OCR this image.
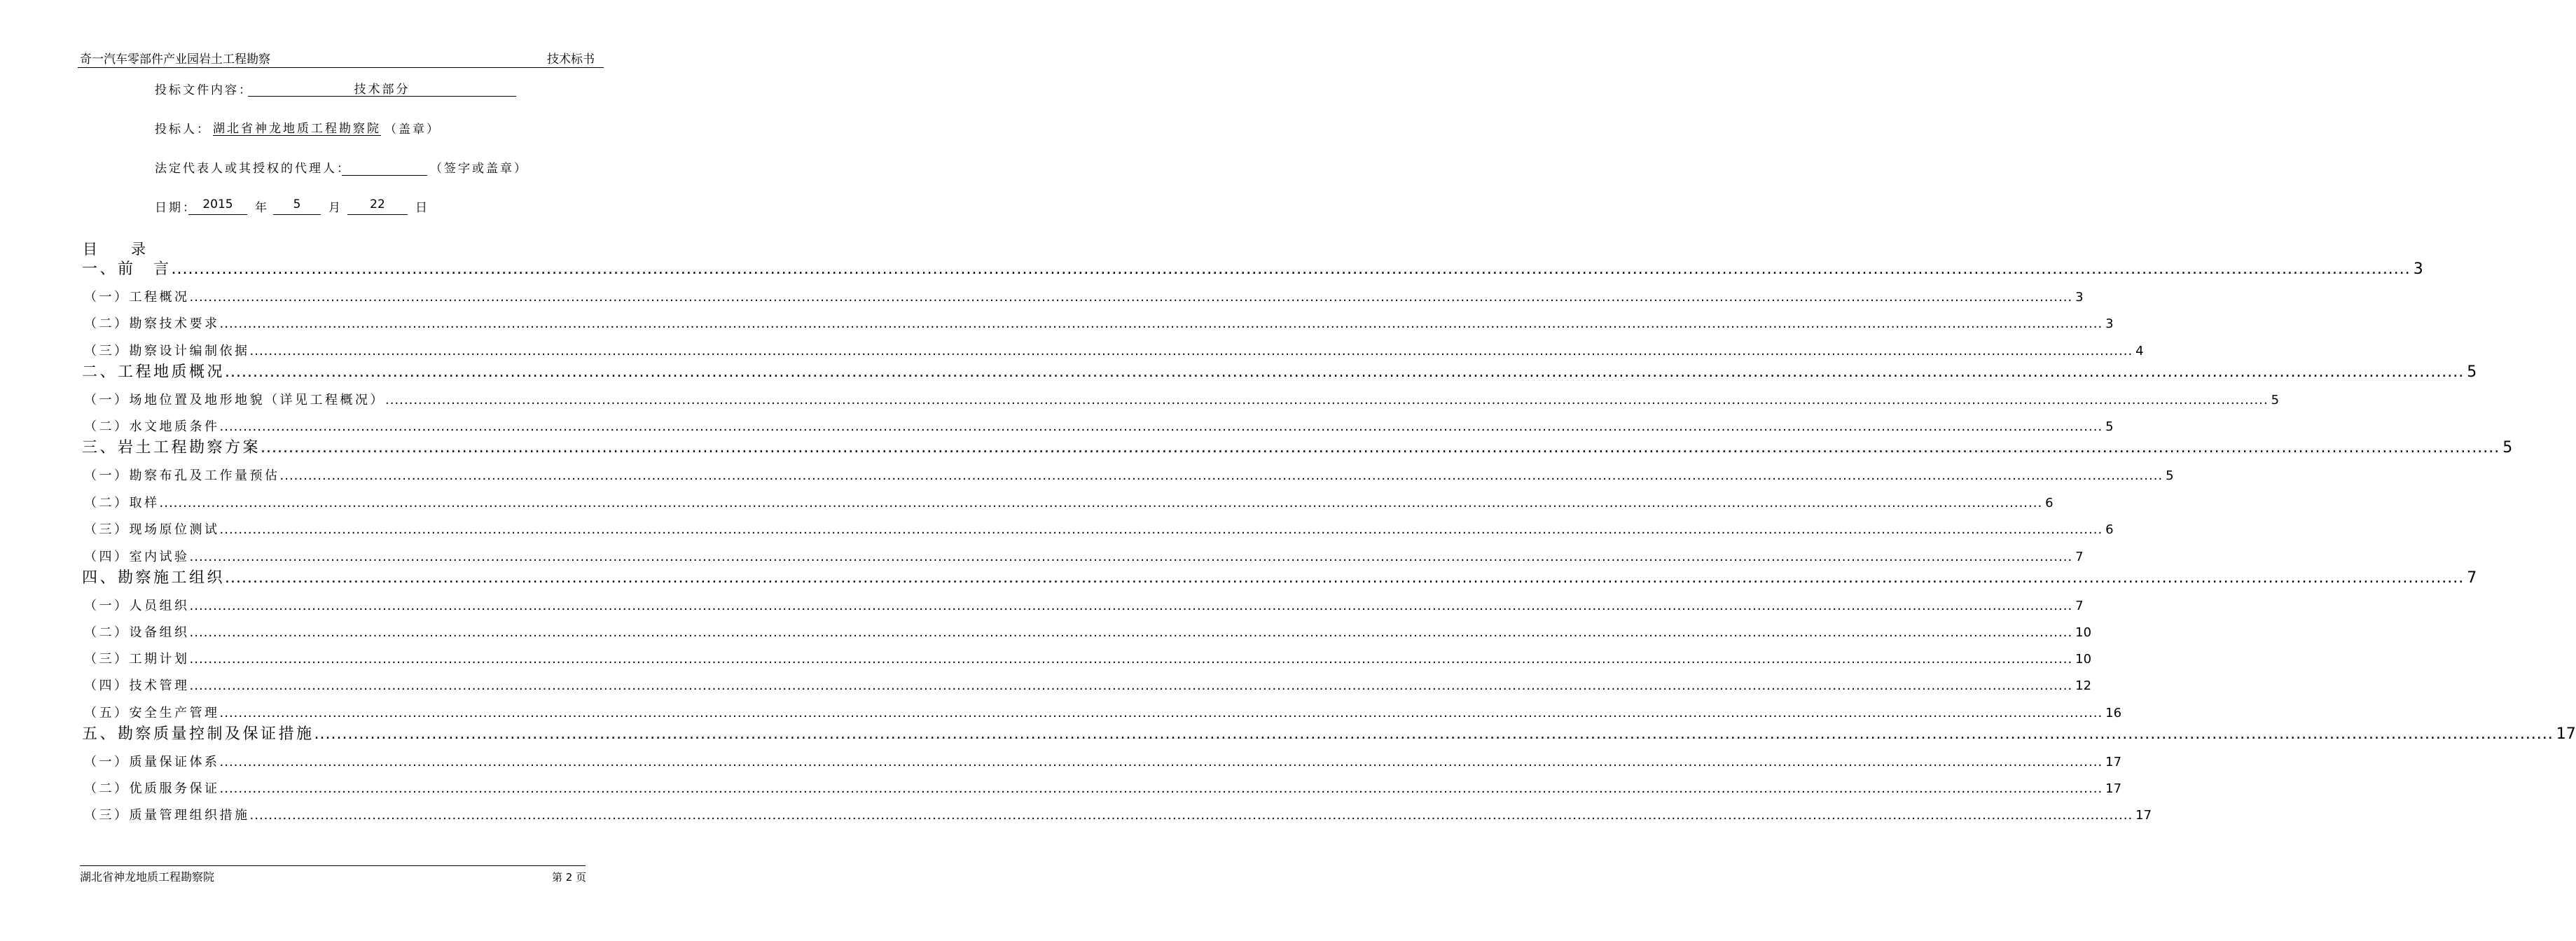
奇一汽车零部件产业园岩土工程勘察	技术标书
投标文件内容：	技术部分
投标人： 湖北省神龙地质工程勘察院 （盖章）
法定代表人或其授权的代理人：	（签字或盖章）
日期： 2015	年	5	月	22	日
目　　录
一、前　言 ................................................................................................................................................................................................................................................................................................................................................................................................................ 3
（一）工程概况 ................................................................................................................................................................................................................................................................................................................................................................................................................ 3
（二）勘察技术要求 ................................................................................................................................................................................................................................................................................................................................................................................................................ 3
（三）勘察设计编制依据 ................................................................................................................................................................................................................................................................................................................................................................................................................ 4
二、工程地质概况 ................................................................................................................................................................................................................................................................................................................................................................................................................ 5
（一）场地位置及地形地貌（详见工程概况） ................................................................................................................................................................................................................................................................................................................................................................................................................ 5
（二）水文地质条件 ................................................................................................................................................................................................................................................................................................................................................................................................................ 5
三、岩土工程勘察方案 ................................................................................................................................................................................................................................................................................................................................................................................................................ 5
（一）勘察布孔及工作量预估 ................................................................................................................................................................................................................................................................................................................................................................................................................ 5
（二）取样 ................................................................................................................................................................................................................................................................................................................................................................................................................ 6
（三）现场原位测试 ................................................................................................................................................................................................................................................................................................................................................................................................................ 6
（四）室内试验 ................................................................................................................................................................................................................................................................................................................................................................................................................ 7
四、勘察施工组织 ................................................................................................................................................................................................................................................................................................................................................................................................................ 7
（一）人员组织 ................................................................................................................................................................................................................................................................................................................................................................................................................ 7
（二）设备组织 ................................................................................................................................................................................................................................................................................................................................................................................................................ 10
（三）工期计划 ................................................................................................................................................................................................................................................................................................................................................................................................................ 10
（四）技术管理 ................................................................................................................................................................................................................................................................................................................................................................................................................ 12
（五）安全生产管理 ................................................................................................................................................................................................................................................................................................................................................................................................................ 16
五、勘察质量控制及保证措施 ................................................................................................................................................................................................................................................................................................................................................................................................................ 17
（一）质量保证体系 ................................................................................................................................................................................................................................................................................................................................................................................................................ 17
（二）优质服务保证 ................................................................................................................................................................................................................................................................................................................................................................................................................ 17
（三）质量管理组织措施 ................................................................................................................................................................................................................................................................................................................................................................................................................ 17
湖北省神龙地质工程勘察院	第 2 页
